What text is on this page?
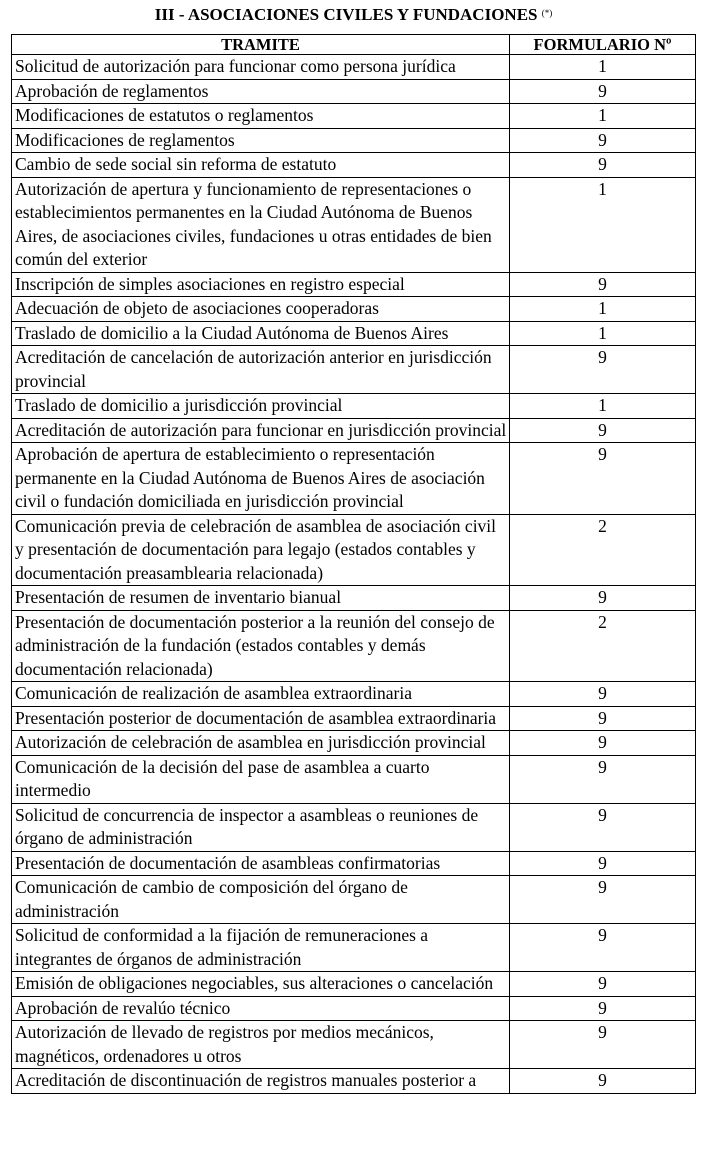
III - ASOCIACIONES CIVILES Y FUNDACIONES (*)
TRAMITE	FORMULARIO Nº
Solicitud de autorización para funcionar como persona jurídica	1
Aprobación de reglamentos	9
Modificaciones de estatutos o reglamentos	1
Modificaciones de reglamentos	9
Cambio de sede social sin reforma de estatuto	9
Autorización de apertura y funcionamiento de representaciones o establecimientos permanentes en la Ciudad Autónoma de Buenos Aires, de asociaciones civiles, fundaciones u otras entidades de bien común del exterior	1
Inscripción de simples asociaciones en registro especial	9
Adecuación de objeto de asociaciones cooperadoras	1
Traslado de domicilio a la Ciudad Autónoma de Buenos Aires	1
Acreditación de cancelación de autorización anterior en jurisdicción provincial	9
Traslado de domicilio a jurisdicción provincial	1
Acreditación de autorización para funcionar en jurisdicción provincial	9
Aprobación de apertura de establecimiento o representación permanente en la Ciudad Autónoma de Buenos Aires de asociación civil o fundación domiciliada en jurisdicción provincial	9
Comunicación previa de celebración de asamblea de asociación civil y presentación de documentación para legajo (estados contables y documentación preasamblearia relacionada)	2
Presentación de resumen de inventario bianual	9
Presentación de documentación posterior a la reunión del consejo de administración de la fundación (estados contables y demás documentación relacionada)	2
Comunicación de realización de asamblea extraordinaria	9
Presentación posterior de documentación de asamblea extraordinaria	9
Autorización de celebración de asamblea en jurisdicción provincial	9
Comunicación de la decisión del pase de asamblea a cuarto intermedio	9
Solicitud de concurrencia de inspector a asambleas o reuniones de órgano de administración	9
Presentación de documentación de asambleas confirmatorias	9
Comunicación de cambio de composición del órgano de administración	9
Solicitud de conformidad a la fijación de remuneraciones a integrantes de órganos de administración	9
Emisión de obligaciones negociables, sus alteraciones o cancelación	9
Aprobación de revalúo técnico	9
Autorización de llevado de registros por medios mecánicos, magnéticos, ordenadores u otros	9
Acreditación de discontinuación de registros manuales posterior a	9
